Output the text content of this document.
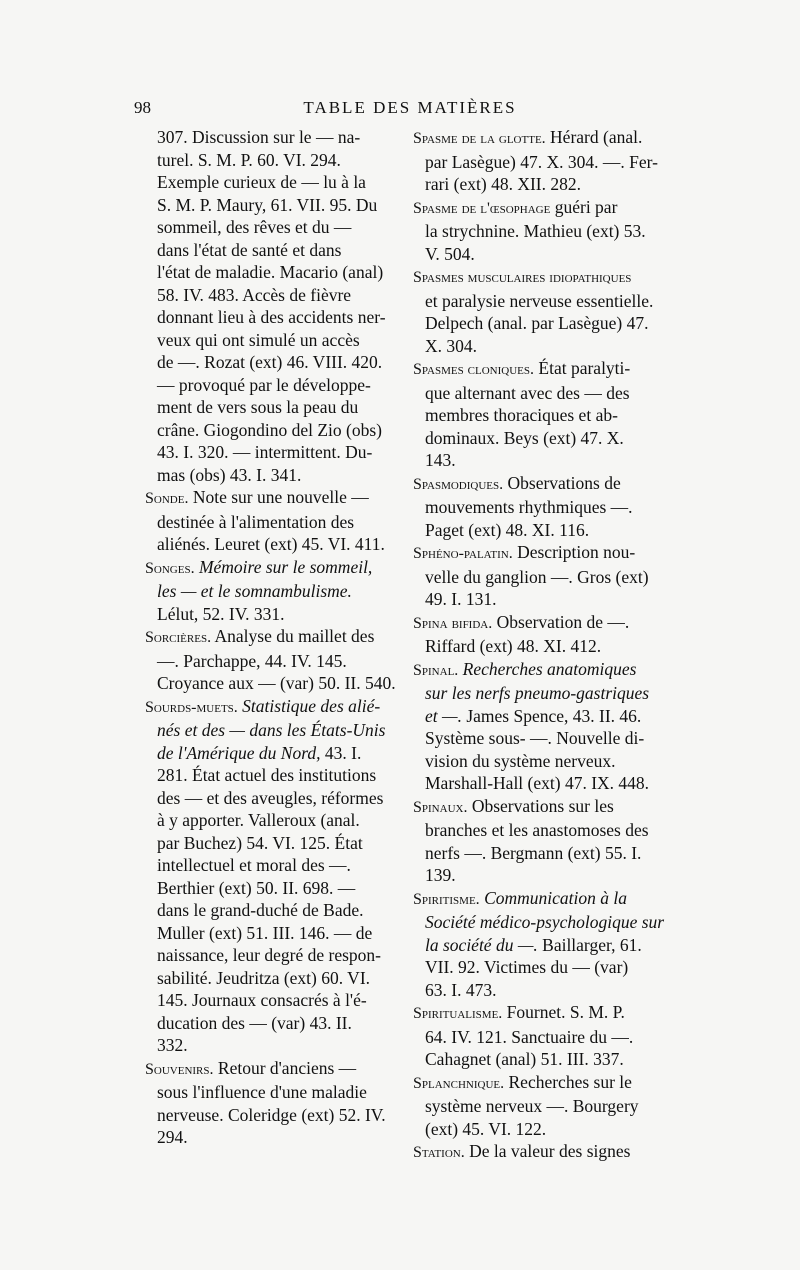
98	TABLE DES MATIÈRES
307. Discussion sur le — na-
turel. S. M. P. 60. VI. 294.
Exemple curieux de — lu à la
S. M. P. Maury, 61. VII. 95. Du
sommeil, des rêves et du —
dans l'état de santé et dans
l'état de maladie. Macario (anal)
58. IV. 483. Accès de fièvre
donnant lieu à des accidents ner-
veux qui ont simulé un accès
de —. Rozat (ext) 46. VIII. 420.
— provoqué par le développe-
ment de vers sous la peau du
crâne. Giogondino del Zio (obs)
43. I. 320. — intermittent. Du-
mas (obs) 43. I. 341.
Sonde. Note sur une nouvelle —
destinée à l'alimentation des
aliénés. Leuret (ext) 45. VI. 411.
Songes. Mémoire sur le sommeil,
les — et le somnambulisme.
Lélut, 52. IV. 331.
Sorcières. Analyse du maillet des
—. Parchappe, 44. IV. 145.
Croyance aux — (var) 50. II. 540.
Sourds-muets. Statistique des alié-
nés et des — dans les États-Unis
de l'Amérique du Nord, 43. I.
281. État actuel des institutions
des — et des aveugles, réformes
à y apporter. Valleroux (anal.
par Buchez) 54. VI. 125. État
intellectuel et moral des —.
Berthier (ext) 50. II. 698. —
dans le grand-duché de Bade.
Muller (ext) 51. III. 146. — de
naissance, leur degré de respon-
sabilité. Jeudritza (ext) 60. VI.
145. Journaux consacrés à l'é-
ducation des — (var) 43. II.
332.
Souvenirs. Retour d'anciens —
sous l'influence d'une maladie
nerveuse. Coleridge (ext) 52. IV.
294.
Spasme de la glotte. Hérard (anal.
par Lasègue) 47. X. 304. —. Fer-
rari (ext) 48. XII. 282.
Spasme de l'œsophage guéri par
la strychnine. Mathieu (ext) 53.
V. 504.
Spasmes musculaires idiopathiques
et paralysie nerveuse essentielle.
Delpech (anal. par Lasègue) 47.
X. 304.
Spasmes cloniques. État paralyti-
que alternant avec des — des
membres thoraciques et ab-
dominaux. Beys (ext) 47. X.
143.
Spasmodiques. Observations de
mouvements rhythmiques —.
Paget (ext) 48. XI. 116.
Sphéno-palatin. Description nou-
velle du ganglion —. Gros (ext)
49. I. 131.
Spina bifida. Observation de —.
Riffard (ext) 48. XI. 412.
Spinal. Recherches anatomiques
sur les nerfs pneumo-gastriques
et —. James Spence, 43. II. 46.
Système sous- —. Nouvelle di-
vision du système nerveux.
Marshall-Hall (ext) 47. IX. 448.
Spinaux. Observations sur les
branches et les anastomoses des
nerfs —. Bergmann (ext) 55. I.
139.
Spiritisme. Communication à la
Société médico-psychologique sur
la société du —. Baillarger, 61.
VII. 92. Victimes du — (var)
63. I. 473.
Spiritualisme. Fournet. S. M. P.
64. IV. 121. Sanctuaire du —.
Cahagnet (anal) 51. III. 337.
Splanchnique. Recherches sur le
système nerveux —. Bourgery
(ext) 45. VI. 122.
Station. De la valeur des signes
